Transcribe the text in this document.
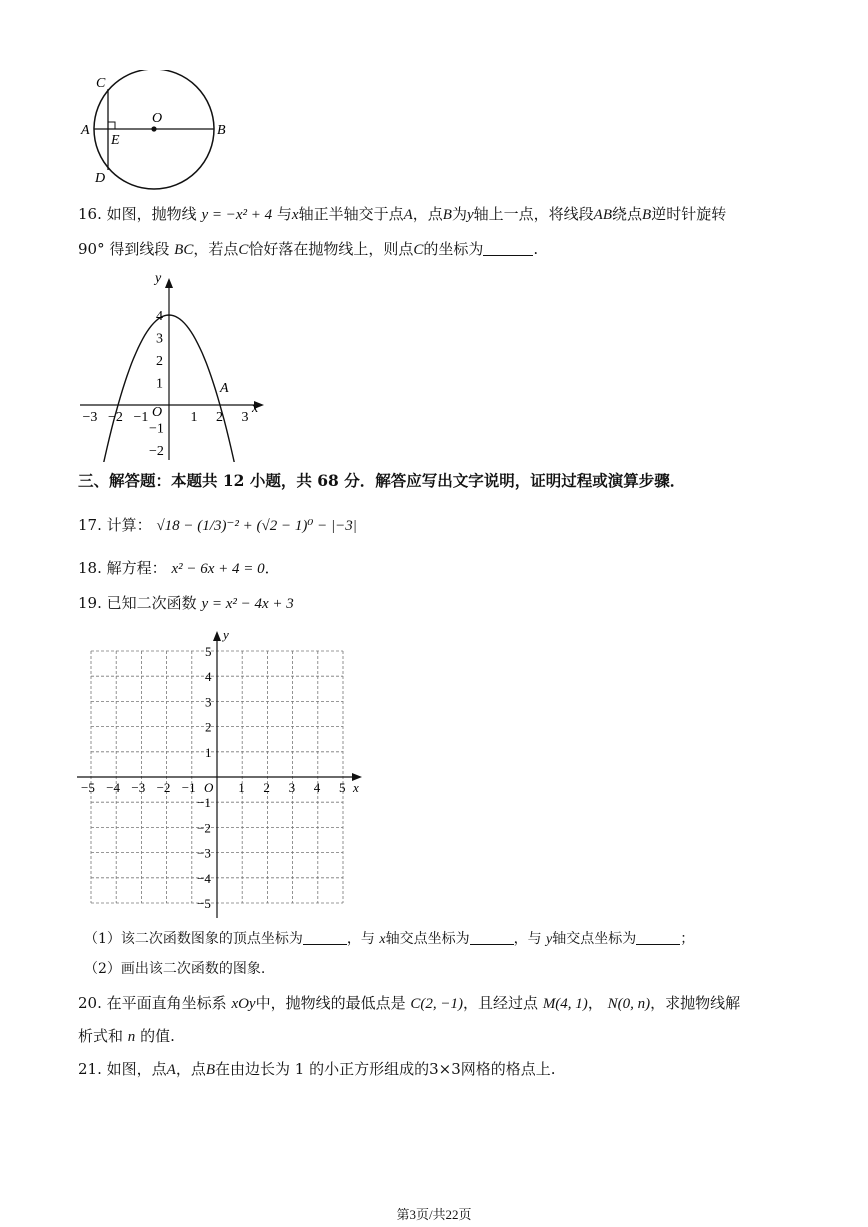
C
A
O
B
E
D
16. 如图，抛物线 y = −x² + 4 与x轴正半轴交于点A，点B为y轴上一点，将线段AB绕点B逆时针旋转
90° 得到线段 BC，若点C恰好落在抛物线上，则点C的坐标为	.
−3 −2 −1	1 2 3
4
3
2
1
−1
−2
x
y
O
A
三、解答题：本题共 12 小题，共 68 分．解答应写出文字说明，证明过程或演算步骤．
17. 计算： √18 − (1/3)⁻² + (√2 − 1)⁰ − |−3|
18. 解方程： x² − 6x + 4 = 0．
19. 已知二次函数 y = x² − 4x + 3
−5 −4 −3 −2 −1	1 2 3 4 5
5
4
3
2
1
−1
−2
−3
−4
−5
x
y
O
（1）该二次函数图象的顶点坐标为	，与 x轴交点坐标为	，与 y轴交点坐标为	；
（2）画出该二次函数的图象.
20. 在平面直角坐标系 xOy中，抛物线的最低点是 C(2, −1)，且经过点 M(4, 1)， N(0, n)，求抛物线解
析式和 n 的值.
21. 如图，点A，点B在由边长为 1 的小正方形组成的3×3网格的格点上.
第3页/共22页
